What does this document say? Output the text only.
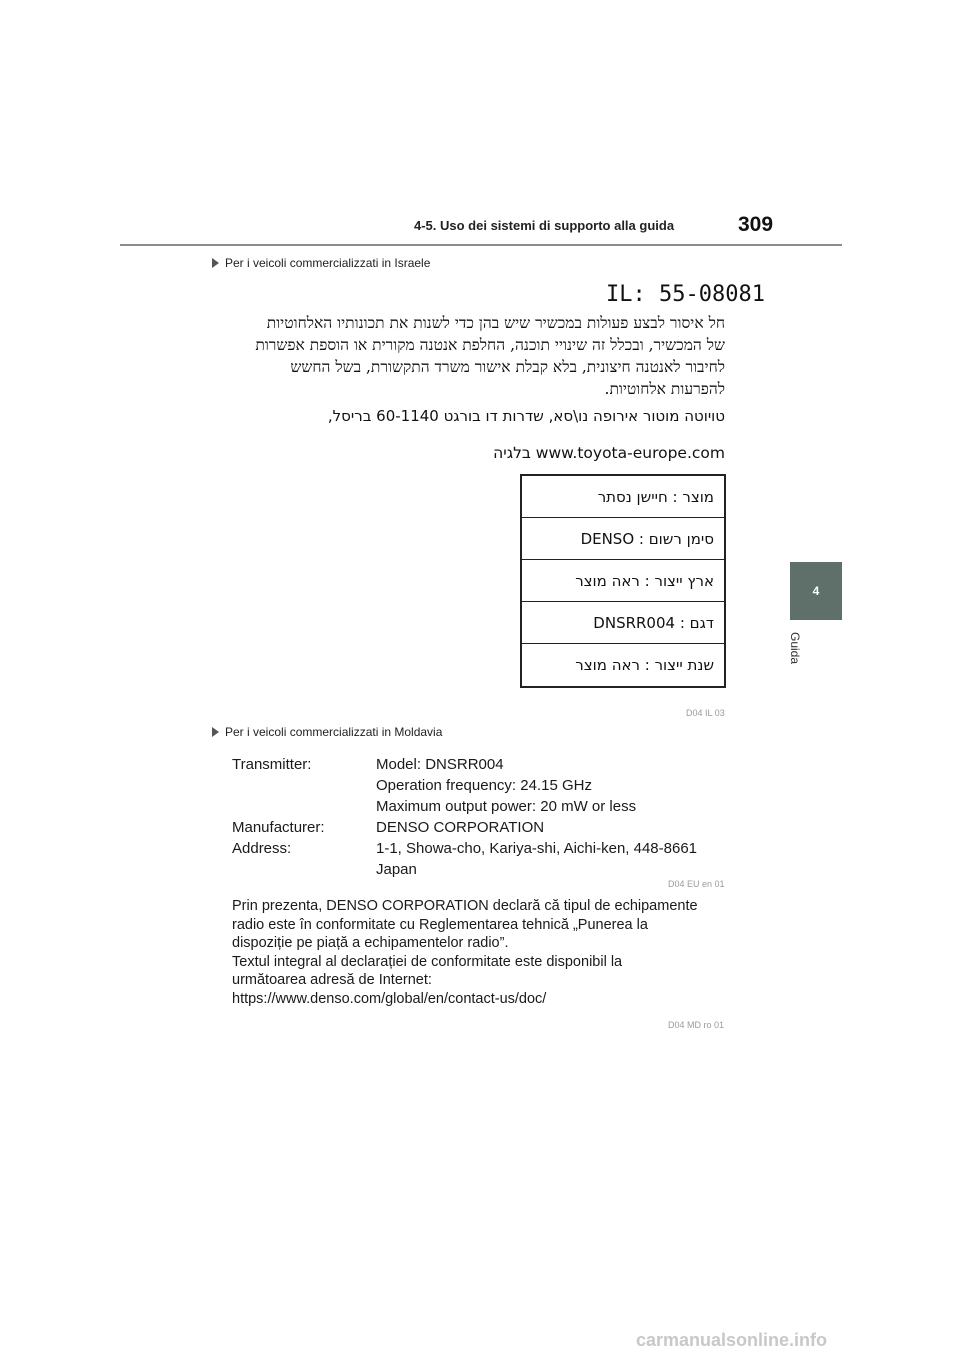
4-5. Uso dei sistemi di supporto alla guida	309
4
Guida
Per i veicoli commercializzati in Israele
IL: 55-08081
חל איסור לבצע פעולות במכשיר שיש בהן כדי לשנות את תכונותיו האלחוטיות
של המכשיר, ובכלל זה שינויי תוכנה, החלפת אנטנה מקורית או הוספת אפשרות
לחיבור לאנטנה חיצונית, בלא קבלת אישור משרד התקשורת, בשל החשש
להפרעות אלחוטיות.
טויוטה מוטור אירופה נו\סא, שדרות דו בורגט 60-1140 בריסל,
www.toyota-europe.com בלגיה
מוצר : חיישן נסתר
סימן רשום : DENSO
ארץ ייצור : ראה מוצר
דגם : DNSRR004
שנת ייצור : ראה מוצר
D04 IL 03
Per i veicoli commercializzati in Moldavia
Transmitter:	Model: DNSRR004
Operation frequency: 24.15 GHz
Maximum output power: 20 mW or less
Manufacturer:	DENSO CORPORATION
Address:	1-1, Showa-cho, Kariya-shi, Aichi-ken, 448-8661
Japan
D04 EU en 01
Prin prezenta, DENSO CORPORATION declară că tipul de echipamente
radio este în conformitate cu Reglementarea tehnică „Punerea la
dispoziție pe piață a echipamentelor radio”.
Textul integral al declarației de conformitate este disponibil la
următoarea adresă de Internet:
https://www.denso.com/global/en/contact-us/doc/
D04 MD ro 01
carmanualsonline.info
